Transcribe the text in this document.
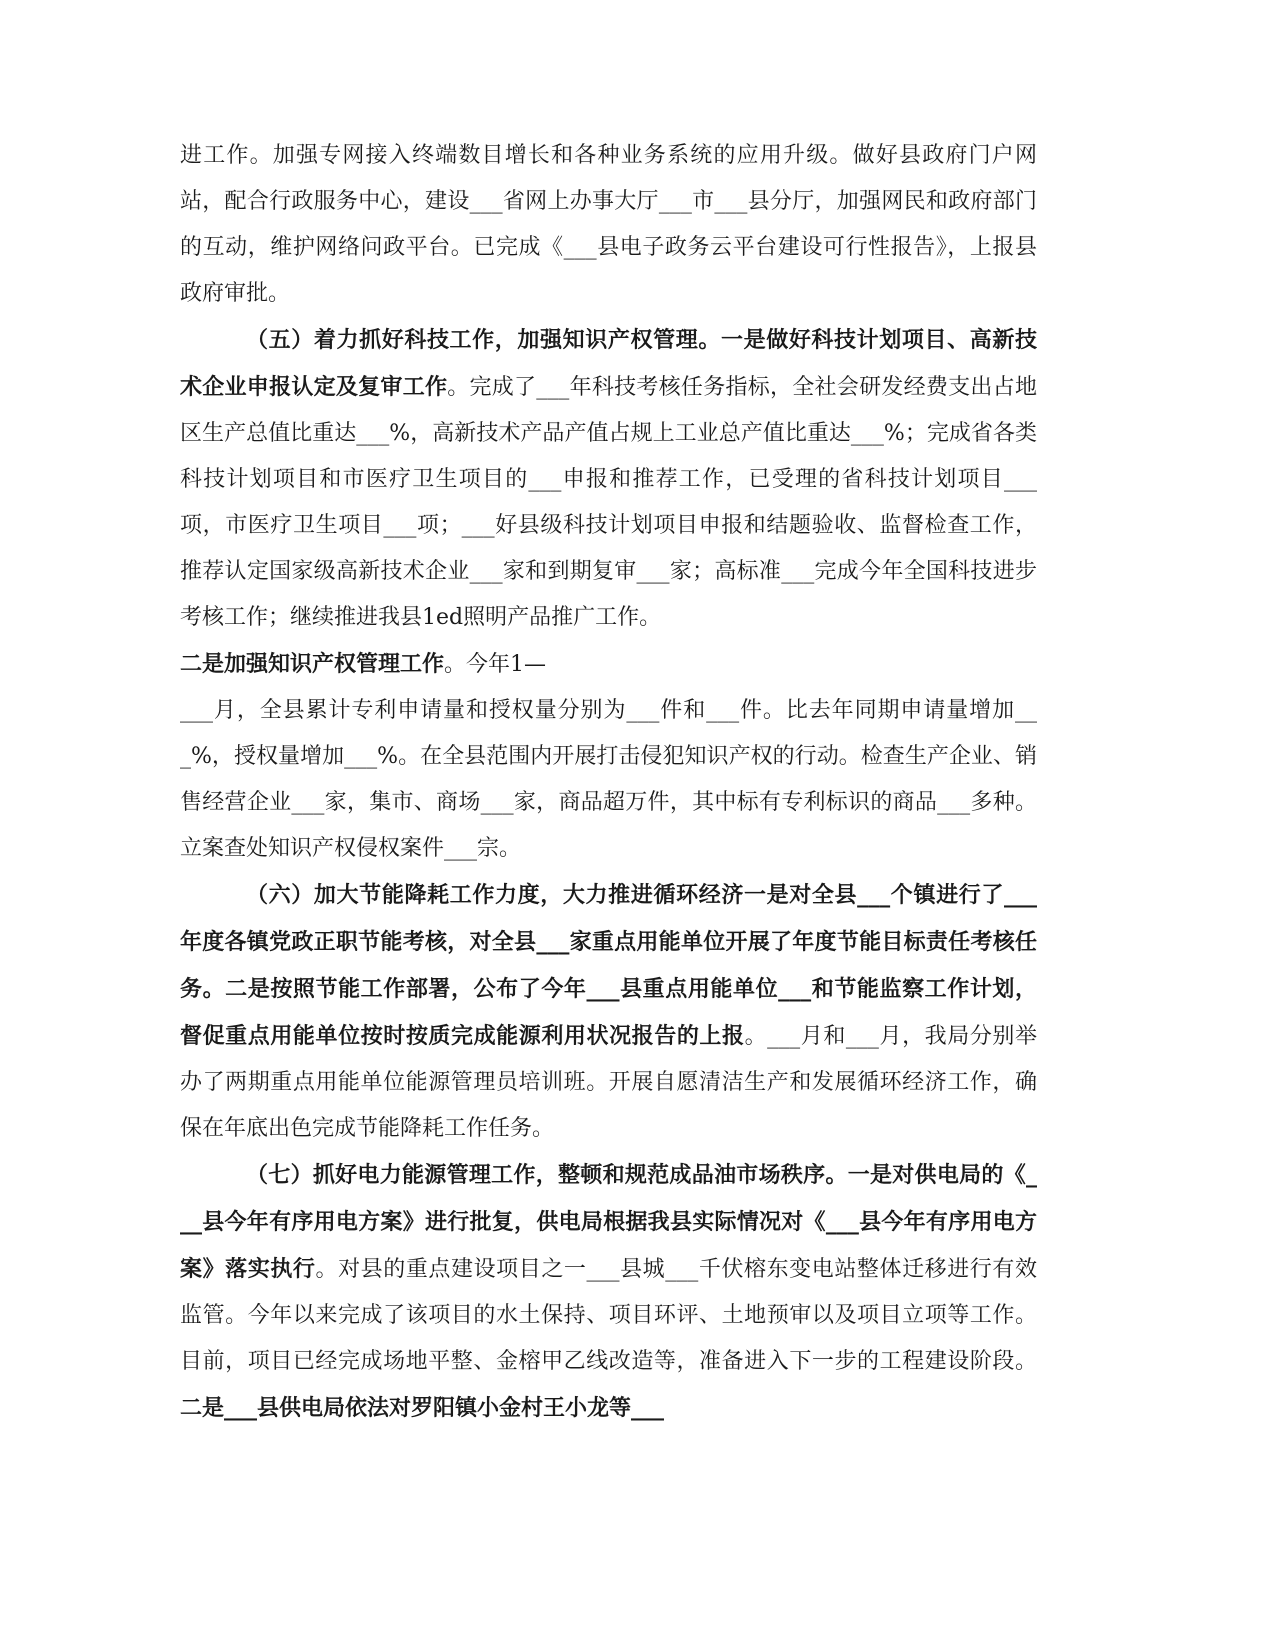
进工作。加强专网接入终端数目增长和各种业务系统的应用升级。做好县政府门户网站，配合行政服务中心，建设___省网上办事大厅___市___县分厅，加强网民和政府部门的互动，维护网络问政平台。已完成《___县电子政务云平台建设可行性报告》，上报县政府审批。

（五）着力抓好科技工作，加强知识产权管理。一是做好科技计划项目、高新技术企业申报认定及复审工作。完成了___年科技考核任务指标，全社会研发经费支出占地区生产总值比重达___%，高新技术产品产值占规上工业总产值比重达___%；完成省各类科技计划项目和市医疗卫生项目的___申报和推荐工作，已受理的省科技计划项目___项，市医疗卫生项目___项；___好县级科技计划项目申报和结题验收、监督检查工作，推荐认定国家级高新技术企业___家和到期复审___家；高标准___完成今年全国科技进步考核工作；继续推进我县1ed照明产品推广工作。

二是加强知识产权管理工作。今年1—

___月，全县累计专利申请量和授权量分别为___件和___件。比去年同期申请量增加___%，授权量增加___%。在全县范围内开展打击侵犯知识产权的行动。检查生产企业、销售经营企业___家，集市、商场___家，商品超万件，其中标有专利标识的商品___多种。立案查处知识产权侵权案件___宗。

（六）加大节能降耗工作力度，大力推进循环经济一是对全县___个镇进行了___年度各镇党政正职节能考核，对全县___家重点用能单位开展了年度节能目标责任考核任务。二是按照节能工作部署，公布了今年___县重点用能单位___和节能监察工作计划，督促重点用能单位按时按质完成能源利用状况报告的上报。___月和___月，我局分别举办了两期重点用能单位能源管理员培训班。开展自愿清洁生产和发展循环经济工作，确保在年底出色完成节能降耗工作任务。

（七）抓好电力能源管理工作，整顿和规范成品油市场秩序。一是对供电局的《___县今年有序用电方案》进行批复，供电局根据我县实际情况对《___县今年有序用电方案》落实执行。对县的重点建设项目之一___县城___千伏榕东变电站整体迁移进行有效监管。今年以来完成了该项目的水土保持、项目环评、土地预审以及项目立项等工作。目前，项目已经完成场地平整、金榕甲乙线改造等，准备进入下一步的工程建设阶段。二是___县供电局依法对罗阳镇小金村王小龙等___
